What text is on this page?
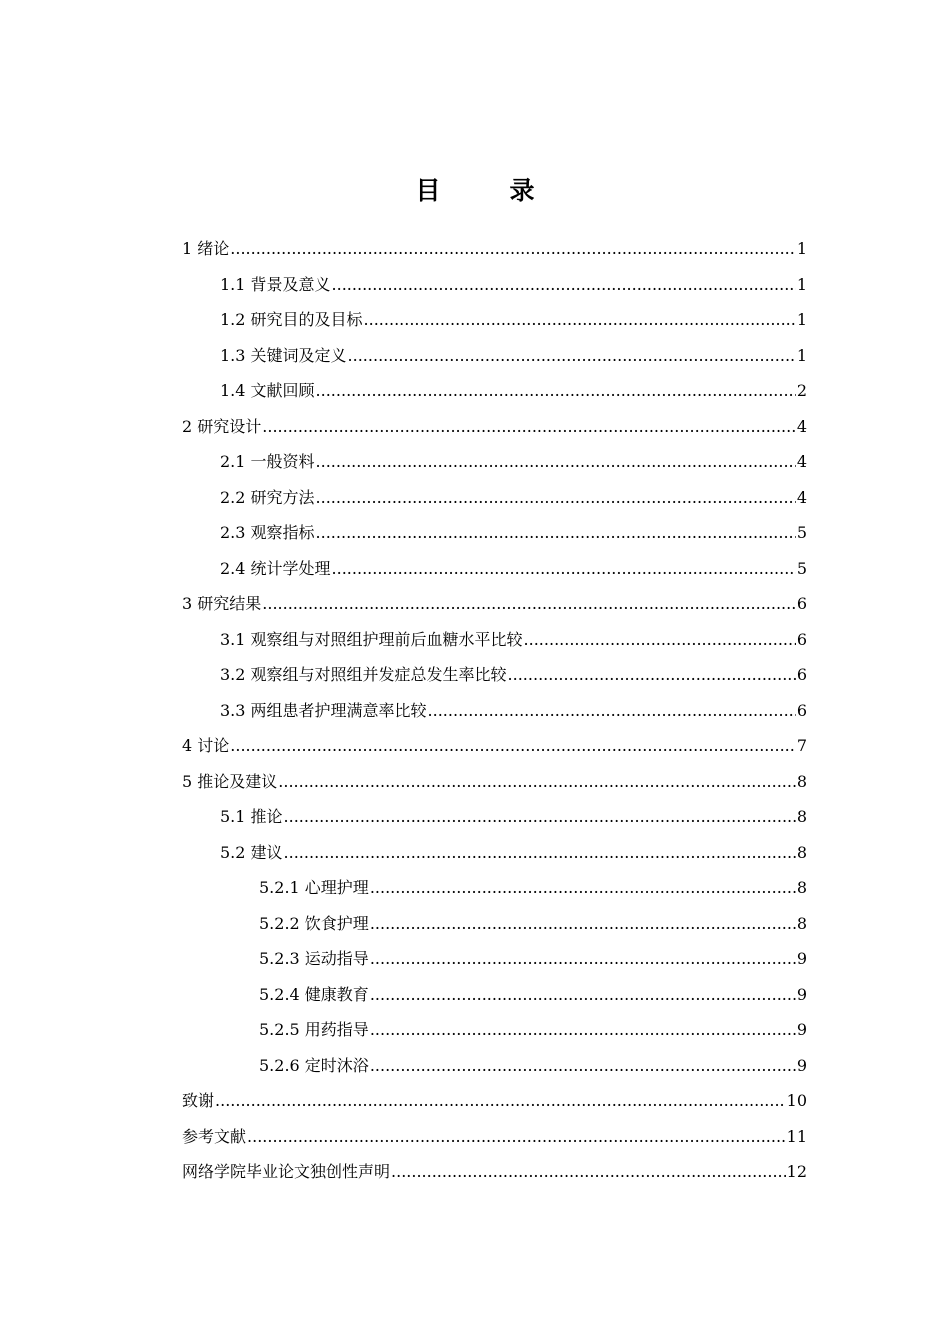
目　录
1 绪论 .....	1
1.1 背景及意义 .....	1
1.2 研究目的及目标 .....	1
1.3 关键词及定义 .....	1
1.4 文献回顾 .....	2
2 研究设计 .....	4
2.1 一般资料 .....	4
2.2 研究方法 .....	4
2.3 观察指标 .....	5
2.4 统计学处理 .....	5
3 研究结果 .....	6
3.1 观察组与对照组护理前后血糖水平比较 .....	6
3.2 观察组与对照组并发症总发生率比较 .....	6
3.3 两组患者护理满意率比较 .....	6
4 讨论 .....	7
5 推论及建议 .....	8
5.1 推论 .....	8
5.2 建议 .....	8
5.2.1 心理护理 .....	8
5.2.2 饮食护理 .....	8
5.2.3 运动指导 .....	9
5.2.4 健康教育 .....	9
5.2.5 用药指导 .....	9
5.2.6 定时沐浴 .....	9
致谢 .....	10
参考文献 .....	11
网络学院毕业论文独创性声明 .....	12
